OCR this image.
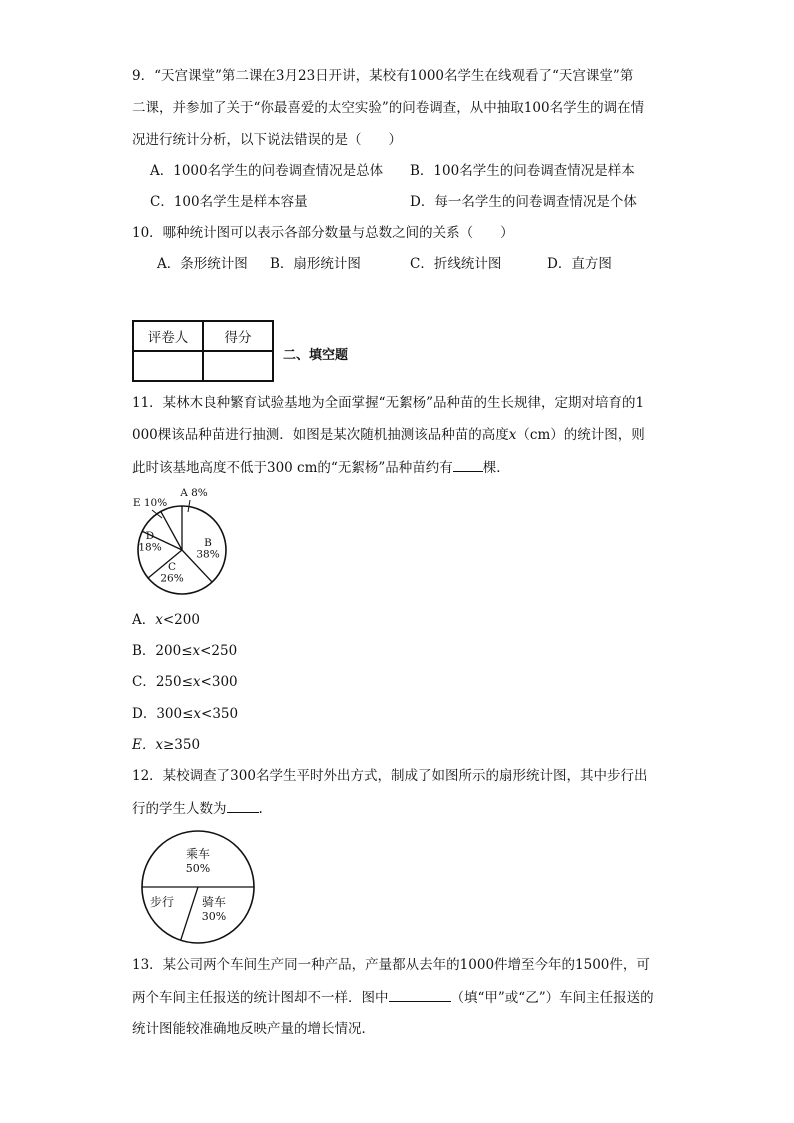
9．“天宫课堂”第二课在3月23日开讲，某校有1000名学生在线观看了“天宫课堂”第
二课，并参加了关于“你最喜爱的太空实验”的问卷调查，从中抽取100名学生的调在情
况进行统计分析，以下说法错误的是（　　）
A．1000名学生的问卷调查情况是总体 B．100名学生的问卷调查情况是样本
C．100名学生是样本容量	D．每一名学生的问卷调查情况是个体
10．哪种统计图可以表示各部分数量与总数之间的关系（　　）
A．条形统计图 B．扇形统计图	C．折线统计图	D．直方图
评卷人	得分

二、填空题
11．某林木良种繁育试验基地为全面掌握“无絮杨”品种苗的生长规律，定期对培育的1
000棵该品种苗进行抽测．如图是某次随机抽测该品种苗的高度x（cm）的统计图，则
此时该基地高度不低于300 cm的“无絮杨”品种苗约有 棵．
A 8%
B 38%
C 26%
D 18%
E 10%
A．x<200
B．200≤x<250
C．250≤x<300
D．300≤x<350
E．x≥350
12．某校调查了300名学生平时外出方式，制成了如图所示的扇形统计图，其中步行出
行的学生人数为 .
乘车 50%
骑车 30%
步行
13．某公司两个车间生产同一种产品，产量都从去年的1000件增至今年的1500件，可
两个车间主任报送的统计图却不一样．图中	（填“甲”或“乙”）车间主任报送的
统计图能较准确地反映产量的增长情况．
